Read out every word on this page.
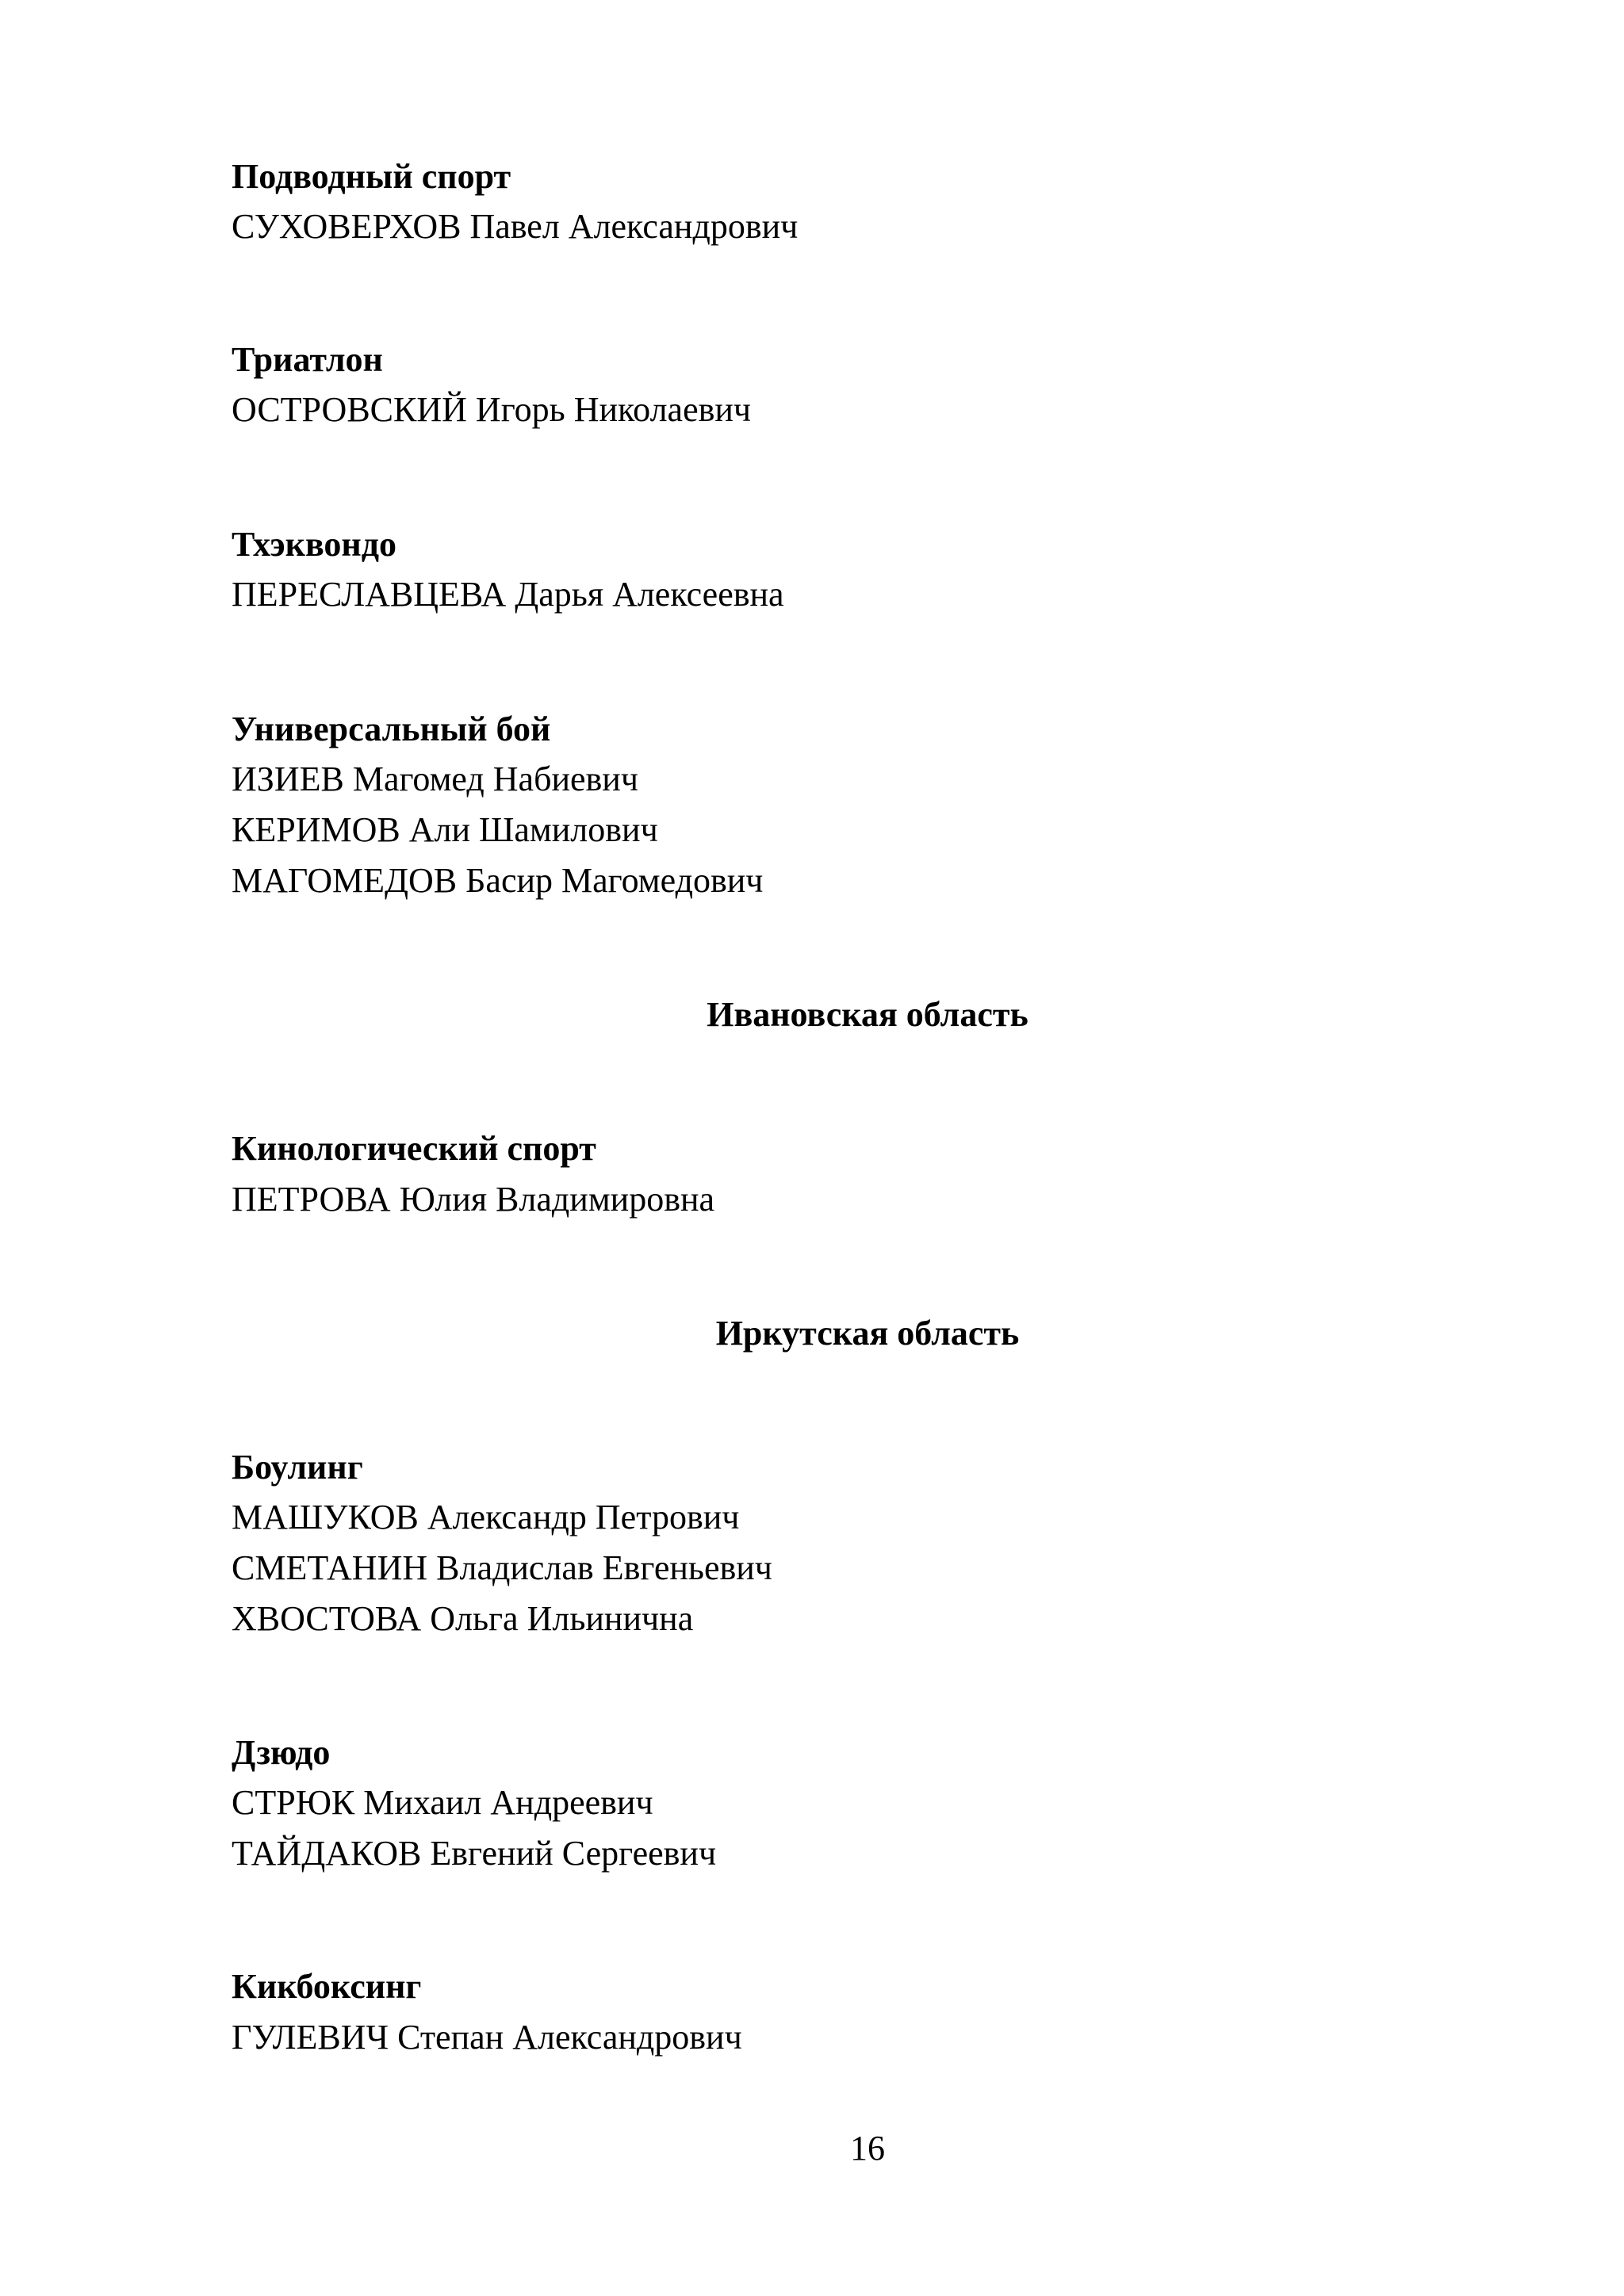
Подводный спорт
СУХОВЕРХОВ Павел Александрович
Триатлон
ОСТРОВСКИЙ Игорь Николаевич
Тхэквондо
ПЕРЕСЛАВЦЕВА Дарья Алексеевна
Универсальный бой
ИЗИЕВ Магомед Набиевич
КЕРИМОВ Али Шамилович
МАГОМЕДОВ Басир Магомедович
Ивановская область
Кинологический спорт
ПЕТРОВА Юлия Владимировна
Иркутская область
Боулинг
МАШУКОВ Александр Петрович
СМЕТАНИН Владислав Евгеньевич
ХВОСТОВА Ольга Ильинична
Дзюдо
СТРЮК Михаил Андреевич
ТАЙДАКОВ Евгений Сергеевич
Кикбоксинг
ГУЛЕВИЧ Степан Александрович
16
